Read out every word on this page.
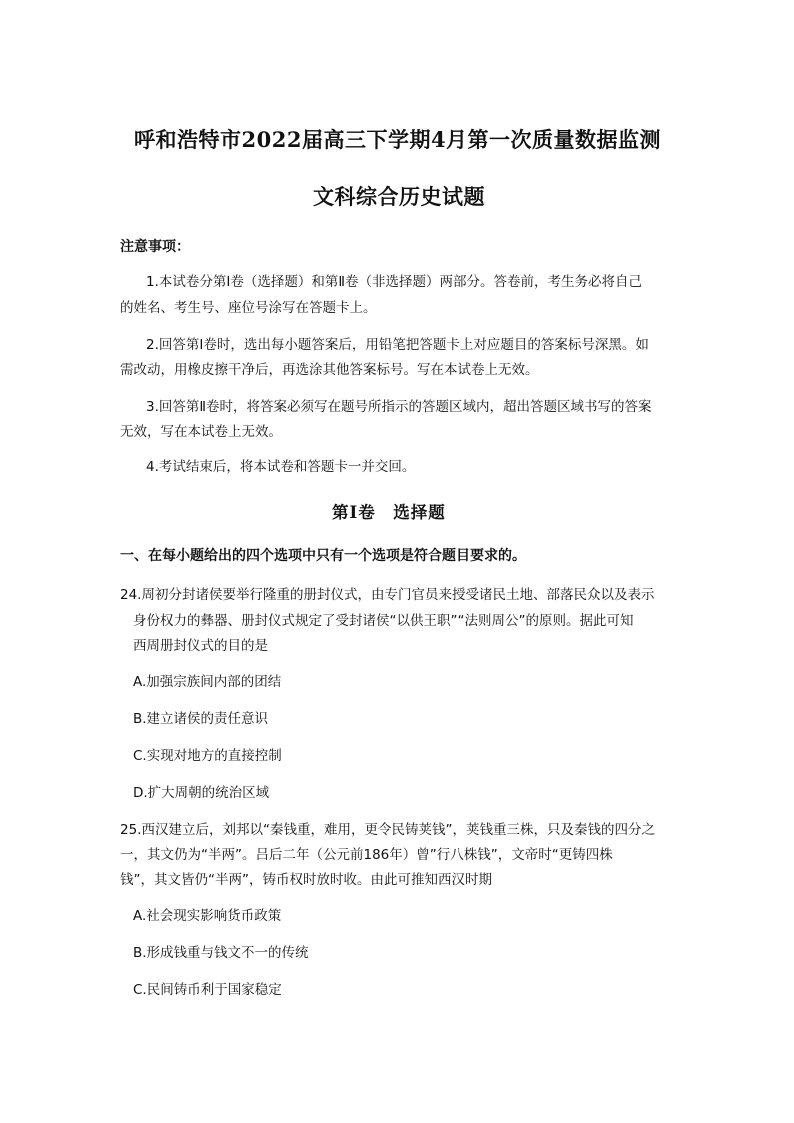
呼和浩特市2022届高三下学期4月第一次质量数据监测
文科综合历史试题
注意事项：
1.本试卷分第Ⅰ卷（选择题）和第Ⅱ卷（非选择题）两部分。答卷前，考生务必将自己
的姓名、考生号、座位号涂写在答题卡上。
2.回答第Ⅰ卷时，选出每小题答案后，用铅笔把答题卡上对应题目的答案标号深黑。如
需改动，用橡皮擦干净后，再选涂其他答案标号。写在本试卷上无效。
3.回答第Ⅱ卷时，将答案必须写在题号所指示的答题区域内，超出答题区域书写的答案
无效，写在本试卷上无效。
4.考试结束后，将本试卷和答题卡一并交回。
第Ⅰ卷　选择题
一、在每小题给出的四个选项中只有一个选项是符合题目要求的。
24.周初分封诸侯要举行隆重的册封仪式，由专门官员来授受诸民土地、部落民众以及表示
身份权力的彝器、册封仪式规定了受封诸侯“以供王职”“法则周公”的原则。据此可知
西周册封仪式的目的是
A.加强宗族间内部的团结
B.建立诸侯的责任意识
C.实现对地方的直接控制
D.扩大周朝的统治区域
25.西汉建立后，刘邦以“秦钱重，难用，更令民铸荚钱”，荚钱重三株，只及秦钱的四分之
一，其文仍为“半两”。吕后二年（公元前186年）曾”行八株钱”，文帝时“更铸四株
钱”，其文皆仍“半两”，铸币权时放时收。由此可推知西汉时期
A.社会现实影响货币政策
B.形成钱重与钱文不一的传统
C.民间铸币利于国家稳定
